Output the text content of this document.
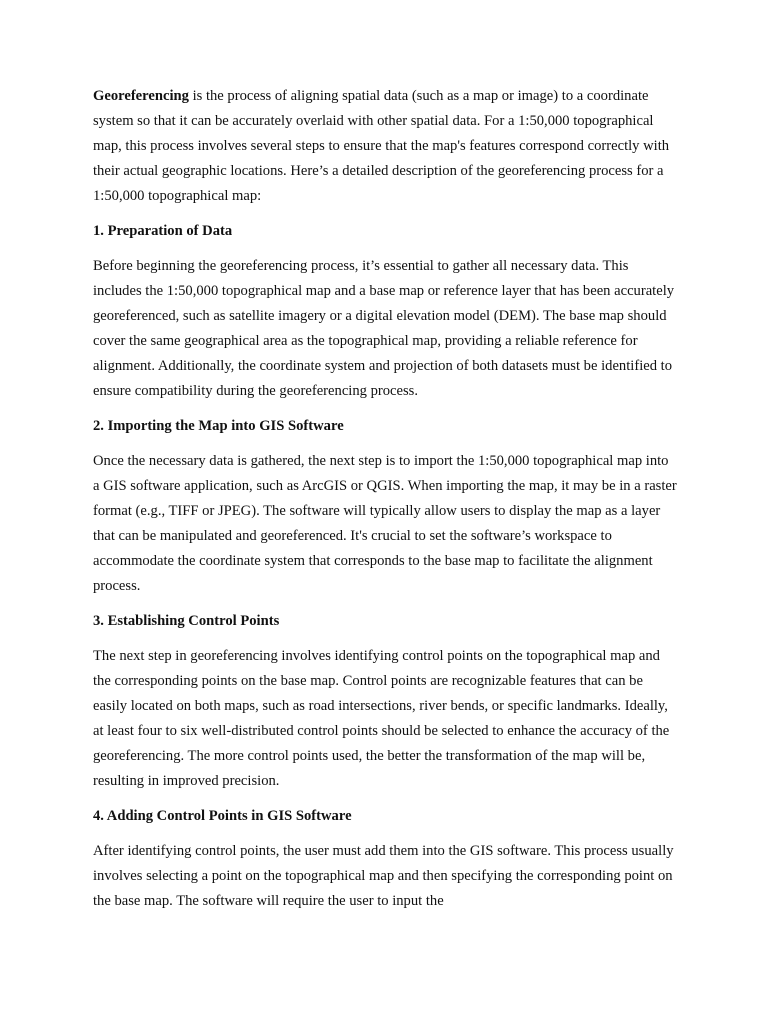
Georeferencing is the process of aligning spatial data (such as a map or image) to a coordinate system so that it can be accurately overlaid with other spatial data. For a 1:50,000 topographical map, this process involves several steps to ensure that the map's features correspond correctly with their actual geographic locations. Here’s a detailed description of the georeferencing process for a 1:50,000 topographical map:

1. Preparation of Data

Before beginning the georeferencing process, it’s essential to gather all necessary data. This includes the 1:50,000 topographical map and a base map or reference layer that has been accurately georeferenced, such as satellite imagery or a digital elevation model (DEM). The base map should cover the same geographical area as the topographical map, providing a reliable reference for alignment. Additionally, the coordinate system and projection of both datasets must be identified to ensure compatibility during the georeferencing process.

2. Importing the Map into GIS Software

Once the necessary data is gathered, the next step is to import the 1:50,000 topographical map into a GIS software application, such as ArcGIS or QGIS. When importing the map, it may be in a raster format (e.g., TIFF or JPEG). The software will typically allow users to display the map as a layer that can be manipulated and georeferenced. It's crucial to set the software’s workspace to accommodate the coordinate system that corresponds to the base map to facilitate the alignment process.

3. Establishing Control Points

The next step in georeferencing involves identifying control points on the topographical map and the corresponding points on the base map. Control points are recognizable features that can be easily located on both maps, such as road intersections, river bends, or specific landmarks. Ideally, at least four to six well-distributed control points should be selected to enhance the accuracy of the georeferencing. The more control points used, the better the transformation of the map will be, resulting in improved precision.

4. Adding Control Points in GIS Software

After identifying control points, the user must add them into the GIS software. This process usually involves selecting a point on the topographical map and then specifying the corresponding point on the base map. The software will require the user to input the
